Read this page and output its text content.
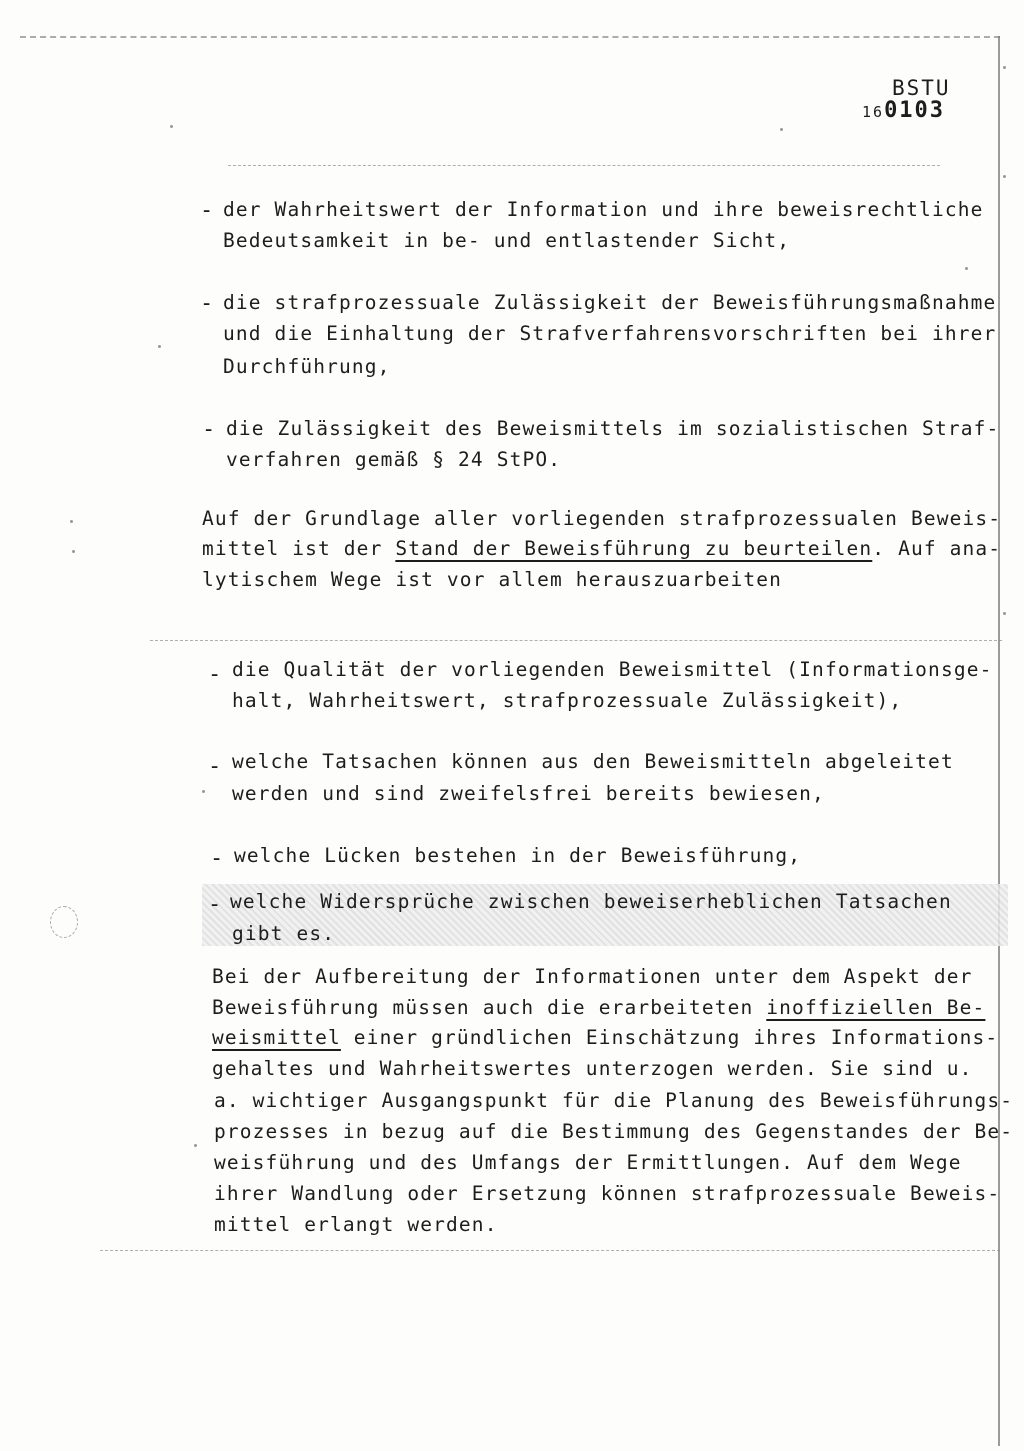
BSTU
160103
- der Wahrheitswert der Information und ihre beweisrechtliche
Bedeutsamkeit in be- und entlastender Sicht,
- die strafprozessuale Zulässigkeit der Beweisführungsmaßnahme
und die Einhaltung der Strafverfahrensvorschriften bei ihrer
Durchführung,
- die Zulässigkeit des Beweismittels im sozialistischen Straf-
verfahren gemäß § 24 StPO.
Auf der Grundlage aller vorliegenden strafprozessualen Beweis-
mittel ist der Stand der Beweisführung zu beurteilen. Auf ana-
lytischem Wege ist vor allem herauszuarbeiten
- die Qualität der vorliegenden Beweismittel (Informationsge-
halt, Wahrheitswert, strafprozessuale Zulässigkeit),
- welche Tatsachen können aus den Beweismitteln abgeleitet
werden und sind zweifelsfrei bereits bewiesen,
- welche Lücken bestehen in der Beweisführung,
- welche Widersprüche zwischen beweiserheblichen Tatsachen
gibt es.
Bei der Aufbereitung der Informationen unter dem Aspekt der
Beweisführung müssen auch die erarbeiteten inoffiziellen Be-
weismittel einer gründlichen Einschätzung ihres Informations-
gehaltes und Wahrheitswertes unterzogen werden. Sie sind u.
a. wichtiger Ausgangspunkt für die Planung des Beweisführungs-
prozesses in bezug auf die Bestimmung des Gegenstandes der Be-
weisführung und des Umfangs der Ermittlungen. Auf dem Wege
ihrer Wandlung oder Ersetzung können strafprozessuale Beweis-
mittel erlangt werden.
